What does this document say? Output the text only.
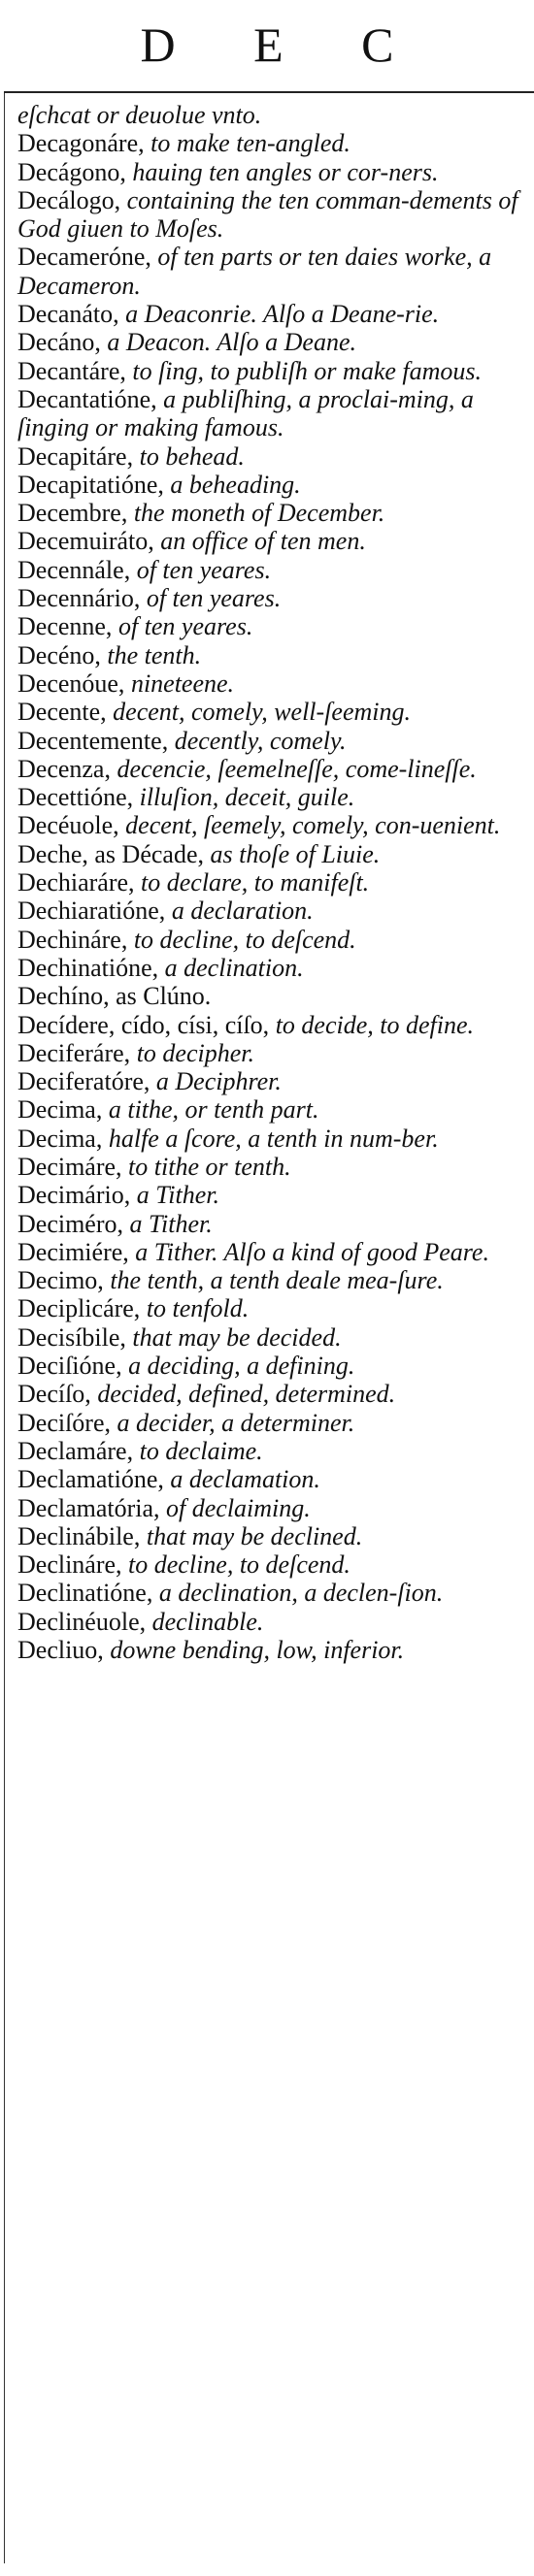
D E C
eſchcat or deuolue vnto.
Decagonáre, to make ten-angled.
Decágono, hauing ten angles or cor-ners.
Decálogo, containing the ten comman-dements of God giuen to Moſes.
Decameróne, of ten parts or ten daies worke, a Decameron.
Decanáto, a Deaconrie. Alſo a Deane-rie.
Decáno, a Deacon. Alſo a Deane.
Decantáre, to ſing, to publiſh or make famous.
Decantatióne, a publiſhing, a proclai-ming, a ſinging or making famous.
Decapitáre, to behead.
Decapitatióne, a beheading.
Decembre, the moneth of December.
Decemuiráto, an office of ten men.
Decennále, of ten yeares.
Decennário, of ten yeares.
Decenne, of ten yeares.
Decéno, the tenth.
Decenóue, nineteene.
Decente, decent, comely, well-ſeeming.
Decentemente, decently, comely.
Decenza, decencie, ſeemelneſſe, come-lineſſe.
Decettióne, illuſion, deceit, guile.
Decéuole, decent, ſeemely, comely, con-uenient.
Deche, as Décade, as thoſe of Liuie.
Dechiaráre, to declare, to manifeſt.
Dechiaratióne, a declaration.
Dechináre, to decline, to deſcend.
Dechinatióne, a declination.
Dechíno, as Clúno.
Decídere, cído, císi, cíſo, to decide, to define.
Deciferáre, to decipher.
Deciferatóre, a Deciphrer.
Decima, a tithe, or tenth part.
Decima, halfe a ſcore, a tenth in num-ber.
Decimáre, to tithe or tenth.
Decimário, a Tither.
Deciméro, a Tither.
Decimiére, a Tither. Alſo a kind of good Peare.
Decimo, the tenth, a tenth deale mea-ſure.
Deciplicáre, to tenfold.
Decisíbile, that may be decided.
Deciſióne, a deciding, a defining.
Decíſo, decided, defined, determined.
Deciſóre, a decider, a determiner.
Declamáre, to declaime.
Declamatióne, a declamation.
Declamatória, of declaiming.
Declinábile, that may be declined.
Declináre, to decline, to deſcend.
Declinatióne, a declination, a declen-ſion.
Declinéuole, declinable.
Decliuo, downe bending, low, inferior.
